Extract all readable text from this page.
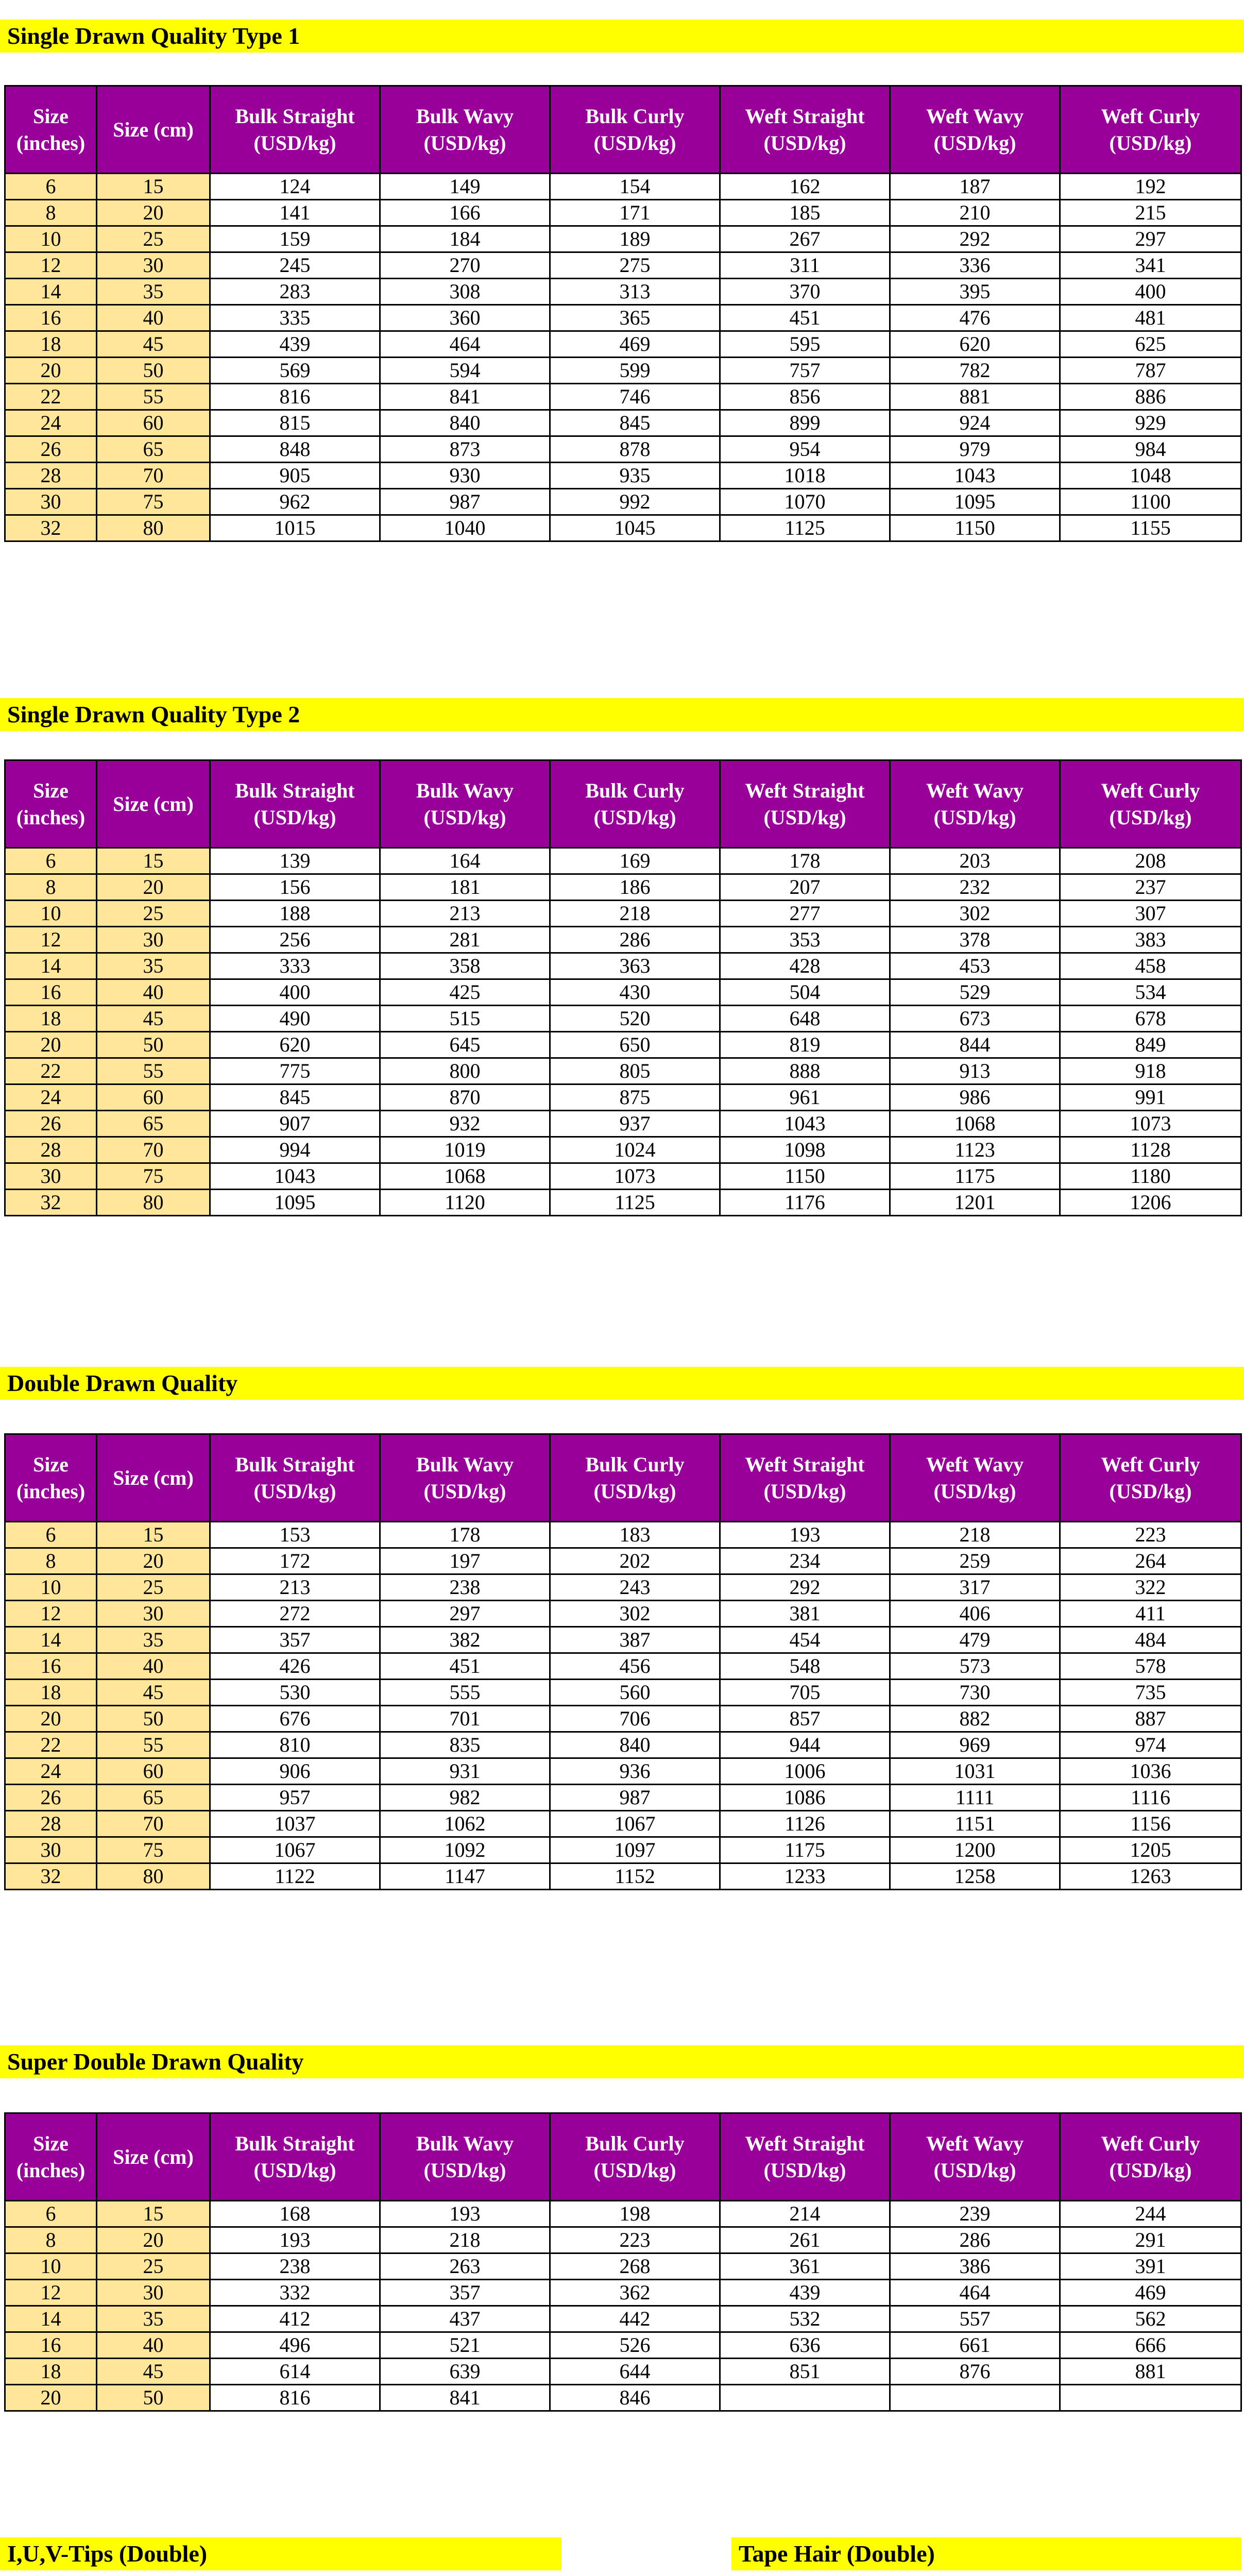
Single Drawn Quality Type 1
Size (inches)	Size (cm)	Bulk Straight (USD/kg)	Bulk Wavy (USD/kg)	Bulk Curly (USD/kg)	Weft Straight (USD/kg)	Weft Wavy (USD/kg)	Weft Curly (USD/kg)
6	15	124	149	154	162	187	192
8	20	141	166	171	185	210	215
10	25	159	184	189	267	292	297
12	30	245	270	275	311	336	341
14	35	283	308	313	370	395	400
16	40	335	360	365	451	476	481
18	45	439	464	469	595	620	625
20	50	569	594	599	757	782	787
22	55	816	841	746	856	881	886
24	60	815	840	845	899	924	929
26	65	848	873	878	954	979	984
28	70	905	930	935	1018	1043	1048
30	75	962	987	992	1070	1095	1100
32	80	1015	1040	1045	1125	1150	1155
Single Drawn Quality Type 2
Size (inches)	Size (cm)	Bulk Straight (USD/kg)	Bulk Wavy (USD/kg)	Bulk Curly (USD/kg)	Weft Straight (USD/kg)	Weft Wavy (USD/kg)	Weft Curly (USD/kg)
6	15	139	164	169	178	203	208
8	20	156	181	186	207	232	237
10	25	188	213	218	277	302	307
12	30	256	281	286	353	378	383
14	35	333	358	363	428	453	458
16	40	400	425	430	504	529	534
18	45	490	515	520	648	673	678
20	50	620	645	650	819	844	849
22	55	775	800	805	888	913	918
24	60	845	870	875	961	986	991
26	65	907	932	937	1043	1068	1073
28	70	994	1019	1024	1098	1123	1128
30	75	1043	1068	1073	1150	1175	1180
32	80	1095	1120	1125	1176	1201	1206
Double Drawn Quality
Size (inches)	Size (cm)	Bulk Straight (USD/kg)	Bulk Wavy (USD/kg)	Bulk Curly (USD/kg)	Weft Straight (USD/kg)	Weft Wavy (USD/kg)	Weft Curly (USD/kg)
6	15	153	178	183	193	218	223
8	20	172	197	202	234	259	264
10	25	213	238	243	292	317	322
12	30	272	297	302	381	406	411
14	35	357	382	387	454	479	484
16	40	426	451	456	548	573	578
18	45	530	555	560	705	730	735
20	50	676	701	706	857	882	887
22	55	810	835	840	944	969	974
24	60	906	931	936	1006	1031	1036
26	65	957	982	987	1086	1111	1116
28	70	1037	1062	1067	1126	1151	1156
30	75	1067	1092	1097	1175	1200	1205
32	80	1122	1147	1152	1233	1258	1263
Super Double Drawn Quality
Size (inches)	Size (cm)	Bulk Straight (USD/kg)	Bulk Wavy (USD/kg)	Bulk Curly (USD/kg)	Weft Straight (USD/kg)	Weft Wavy (USD/kg)	Weft Curly (USD/kg)
6	15	168	193	198	214	239	244
8	20	193	218	223	261	286	291
10	25	238	263	268	361	386	391
12	30	332	357	362	439	464	469
14	35	412	437	442	532	557	562
16	40	496	521	526	636	661	666
18	45	614	639	644	851	876	881
20	50	816	841	846			
I,U,V-Tips (Double)	Tape Hair (Double)
